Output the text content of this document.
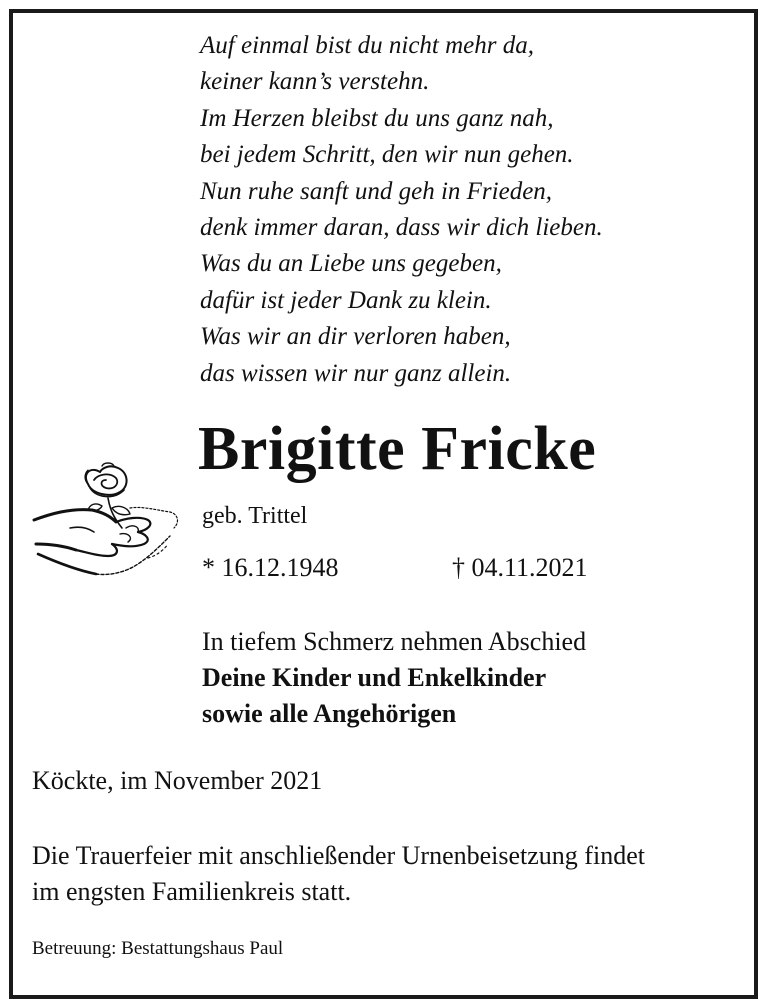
Auf einmal bist du nicht mehr da,
keiner kann’s verstehn.
Im Herzen bleibst du uns ganz nah,
bei jedem Schritt, den wir nun gehen.
Nun ruhe sanft und geh in Frieden,
denk immer daran, dass wir dich lieben.
Was du an Liebe uns gegeben,
dafür ist jeder Dank zu klein.
Was wir an dir verloren haben,
das wissen wir nur ganz allein.
Brigitte Fricke
geb. Trittel
* 16.12.1948	† 04.11.2021
In tiefem Schmerz nehmen Abschied
Deine Kinder und Enkelkinder
sowie alle Angehörigen
Köckte, im November 2021
Die Trauerfeier mit anschließender Urnenbeisetzung findet
im engsten Familienkreis statt.
Betreuung: Bestattungshaus Paul
